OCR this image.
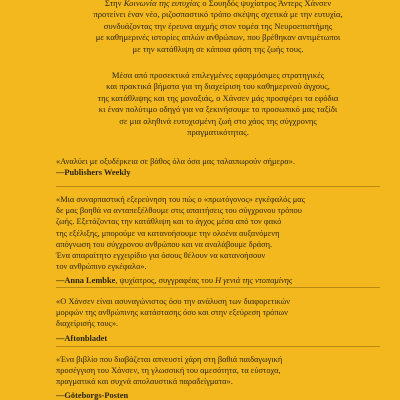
Στην Κοινωνία της ευτυχίας ο Σουηδός ψυχίατρος Άντερς Χάνσεν

προτείνει έναν νέο, ριζοσπαστικό τρόπο σκέψης σχετικά με την ευτυχία,

συνδυάζοντας την έρευνα αιχμής στον τομέα της Νευροεπιστήμης

με καθημερινές ιστορίες απλών ανθρώπων, που βρέθηκαν αντιμέτωποι

με την κατάθλιψη σε κάποια φάση της ζωής τους.

Μέσα από προσεκτικά επιλεγμένες εφαρμόσιμες στρατηγικές

και πρακτικά βήματα για τη διαχείριση του καθημερινού άγχους,

της κατάθλιψης και της μοναξιάς, ο Χάνσεν μάς προσφέρει τα εφόδια

κι έναν πολύτιμο οδηγό για να ξεκινήσουμε το προσωπικό μας ταξίδι

σε μια αληθινά ευτυχισμένη ζωή στο χάος της σύγχρονης

πραγματικότητας.

«Αναλύει με οξυδέρκεια σε βάθος όλα όσα μας ταλαιπωρούν σήμερα».

—Publishers Weekly

«Μια συναρπαστική εξερεύνηση του πώς ο «πρωτόγονος» εγκέφαλός μας

δε μας βοηθά να ανταπεξέλθουμε στις απαιτήσεις του σύγχρονου τρόπου

ζωής. Εξετάζοντας την κατάθλιψη και το άγχος μέσα από τον φακό

της εξέλιξης, μπορούμε να κατανοήσουμε την ολοένα αυξανόμενη

απόγνωση του σύγχρονου ανθρώπου και να αναλάβουμε δράση.

Ένα απαραίτητο εγχειρίδιο για όσους θέλουν να κατανοήσουν

τον ανθρώπινο εγκέφαλο».

—Anna Lembke, ψυχίατρος, συγγραφέας του Η γενιά της ντοπαμίνης

«Ο Χάνσεν είναι ασυναγώνιστος όσο την ανάλυση των διαφορετικών

μορφών της ανθρώπινης κατάστασης όσο και στην εξεύρεση τρόπων

διαχείρισής τους».

—Aftonbladet

«Ένα βιβλίο που διαβάζεται απνευστί χάρη στη βαθιά παιδαγωγική

προσέγγιση του Χάνσεν, τη γλωσσική του αμεσότητα, τα εύστοχα,

πραγματικά και συχνά απολαυστικά παραδείγματα».

—Göteborgs-Posten
